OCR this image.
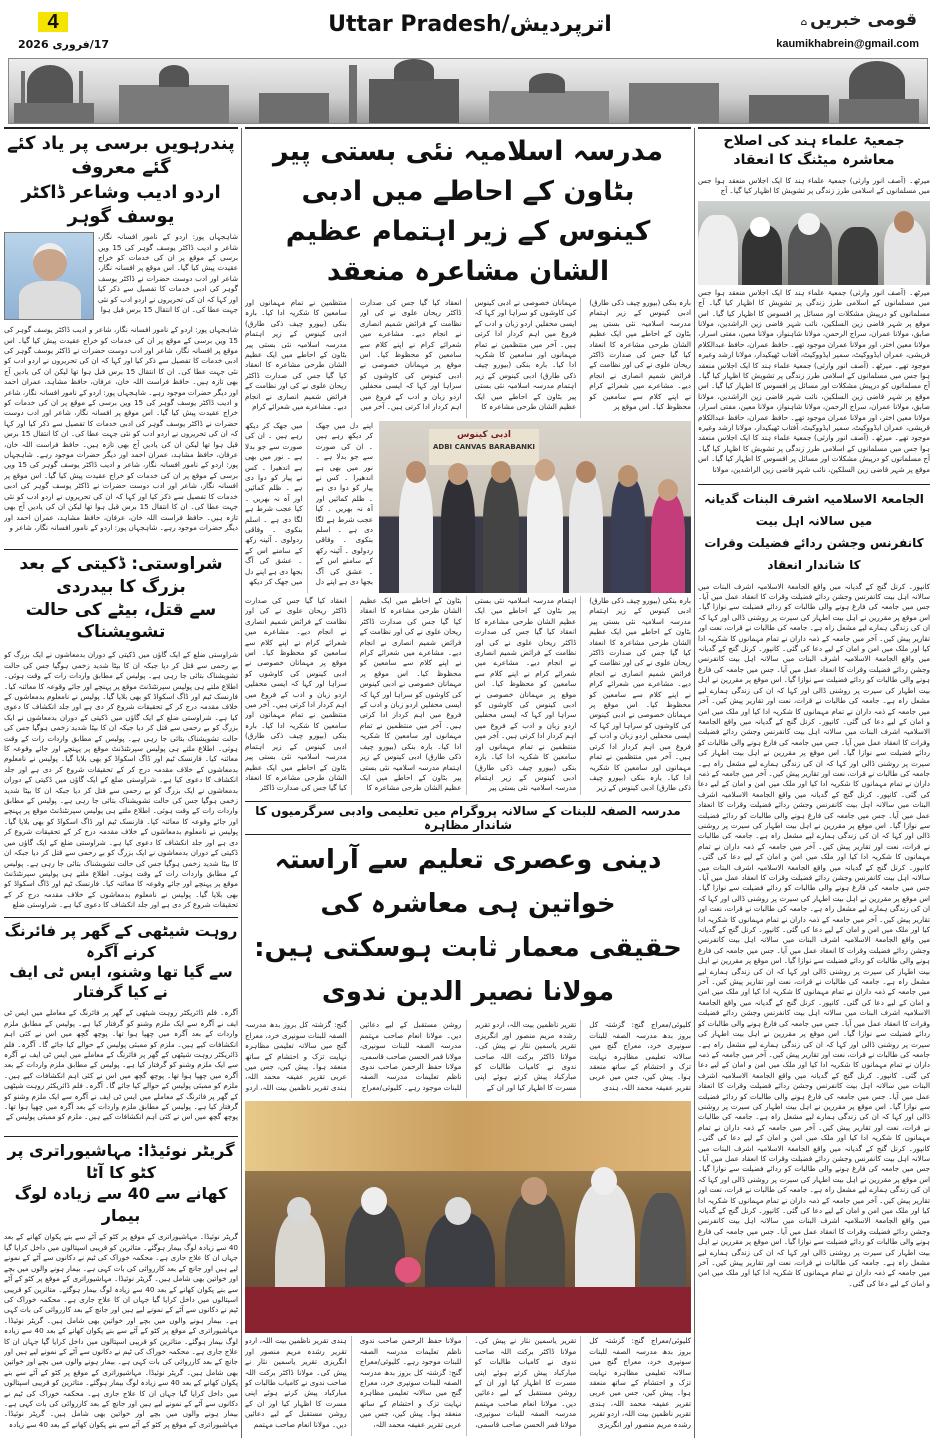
4
17/فروری 2026
Uttar Pradesh/اترپردیش	قومی خبریں⌂
kaumikhabrein@gmail.com
پندرہویں برسی پر یاد کئے گئے معروف
اردو ادیب وشاعر ڈاکٹر یوسف گوہر
شاہجہاں پور: اردو کے نامور افسانہ نگار، شاعر و ادیب ڈاکٹر یوسف گوہر کی 15 ویں برسی کے موقع پر ان کی خدمات کو خراج عقیدت پیش کیا گیا۔ اس موقع پر افسانہ نگار، شاعر اور ادب دوست حضرات نے ڈاکٹر یوسف گوہر کی ادبی خدمات کا تفصیل سے ذکر کیا اور کہا کہ ان کی تحریروں نے اردو ادب کو نئی جہت عطا کی۔ ان کا انتقال 15 برس قبل ہوا
شاہجہاں پور: اردو کے نامور افسانہ نگار، شاعر و ادیب ڈاکٹر یوسف گوہر کی 15 ویں برسی کے موقع پر ان کی خدمات کو خراج عقیدت پیش کیا گیا۔ اس موقع پر افسانہ نگار، شاعر اور ادب دوست حضرات نے ڈاکٹر یوسف گوہر کی ادبی خدمات کا تفصیل سے ذکر کیا اور کہا کہ ان کی تحریروں نے اردو ادب کو نئی جہت عطا کی۔ ان کا انتقال 15 برس قبل ہوا تھا لیکن ان کی یادیں آج بھی تازہ ہیں۔ حافظ فراست اللہ خان، عرفان، حافظ مشاہد، عمران احمد اور دیگر حضرات موجود رہے۔ شاہجہاں پور: اردو کے نامور افسانہ نگار، شاعر و ادیب ڈاکٹر یوسف گوہر کی 15 ویں برسی کے موقع پر ان کی خدمات کو خراج عقیدت پیش کیا گیا۔ اس موقع پر افسانہ نگار، شاعر اور ادب دوست حضرات نے ڈاکٹر یوسف گوہر کی ادبی خدمات کا تفصیل سے ذکر کیا اور کہا کہ ان کی تحریروں نے اردو ادب کو نئی جہت عطا کی۔ ان کا انتقال 15 برس قبل ہوا تھا لیکن ان کی یادیں آج بھی تازہ ہیں۔ حافظ فراست اللہ خان، عرفان، حافظ مشاہد، عمران احمد اور دیگر حضرات موجود رہے۔ شاہجہاں پور: اردو کے نامور افسانہ نگار، شاعر و ادیب ڈاکٹر یوسف گوہر کی 15 ویں برسی کے موقع پر ان کی خدمات کو خراج عقیدت پیش کیا گیا۔ اس موقع پر افسانہ نگار، شاعر اور ادب دوست حضرات نے ڈاکٹر یوسف گوہر کی ادبی خدمات کا تفصیل سے ذکر کیا اور کہا کہ ان کی تحریروں نے اردو ادب کو نئی جہت عطا کی۔ ان کا انتقال 15 برس قبل ہوا تھا لیکن ان کی یادیں آج بھی تازہ ہیں۔ حافظ فراست اللہ خان، عرفان، حافظ مشاہد، عمران احمد اور دیگر حضرات موجود رہے۔ شاہجہاں پور: اردو کے نامور افسانہ نگار، شاعر و
شراوستی: ڈکیتی کے بعد بزرگ کا بیدردی
سے قتل، بیٹے کی حالت تشویشناک
شراوستی ضلع کے ایک گاؤں میں ڈکیتی کے دوران بدمعاشوں نے ایک بزرگ کو بے رحمی سے قتل کر دیا جبکہ ان کا بیٹا شدید زخمی ہوگیا جس کی حالت تشویشناک بتائی جا رہی ہے۔ پولیس کے مطابق واردات رات کے وقت ہوئی۔ اطلاع ملتے ہی پولیس سپرنٹنڈنٹ موقع پر پہنچے اور جائے وقوعہ کا معائنہ کیا۔ فارنسک ٹیم اور ڈاگ اسکواڈ کو بھی بلایا گیا۔ پولیس نے نامعلوم بدمعاشوں کے خلاف مقدمہ درج کر کے تحقیقات شروع کر دی ہے اور جلد انکشاف کا دعوی کیا ہے۔ شراوستی ضلع کے ایک گاؤں میں ڈکیتی کے دوران بدمعاشوں نے ایک بزرگ کو بے رحمی سے قتل کر دیا جبکہ ان کا بیٹا شدید زخمی ہوگیا جس کی حالت تشویشناک بتائی جا رہی ہے۔ پولیس کے مطابق واردات رات کے وقت ہوئی۔ اطلاع ملتے ہی پولیس سپرنٹنڈنٹ موقع پر پہنچے اور جائے وقوعہ کا معائنہ کیا۔ فارنسک ٹیم اور ڈاگ اسکواڈ کو بھی بلایا گیا۔ پولیس نے نامعلوم بدمعاشوں کے خلاف مقدمہ درج کر کے تحقیقات شروع کر دی ہے اور جلد انکشاف کا دعوی کیا ہے۔ شراوستی ضلع کے ایک گاؤں میں ڈکیتی کے دوران بدمعاشوں نے ایک بزرگ کو بے رحمی سے قتل کر دیا جبکہ ان کا بیٹا شدید زخمی ہوگیا جس کی حالت تشویشناک بتائی جا رہی ہے۔ پولیس کے مطابق واردات رات کے وقت ہوئی۔ اطلاع ملتے ہی پولیس سپرنٹنڈنٹ موقع پر پہنچے اور جائے وقوعہ کا معائنہ کیا۔ فارنسک ٹیم اور ڈاگ اسکواڈ کو بھی بلایا گیا۔ پولیس نے نامعلوم بدمعاشوں کے خلاف مقدمہ درج کر کے تحقیقات شروع کر دی ہے اور جلد انکشاف کا دعوی کیا ہے۔ شراوستی ضلع کے ایک گاؤں میں ڈکیتی کے دوران بدمعاشوں نے ایک بزرگ کو بے رحمی سے قتل کر دیا جبکہ ان کا بیٹا شدید زخمی ہوگیا جس کی حالت تشویشناک بتائی جا رہی ہے۔ پولیس کے مطابق واردات رات کے وقت ہوئی۔ اطلاع ملتے ہی پولیس سپرنٹنڈنٹ موقع پر پہنچے اور جائے وقوعہ کا معائنہ کیا۔ فارنسک ٹیم اور ڈاگ اسکواڈ کو بھی بلایا گیا۔ پولیس نے نامعلوم بدمعاشوں کے خلاف مقدمہ درج کر کے تحقیقات شروع کر دی ہے اور جلد انکشاف کا دعوی کیا ہے۔ شراوستی ضلع
روہت شیٹھی کے گھر پر فائرنگ کرنے آگرہ
سے گیا تھا وشنو، ایس ٹی ایف نے کیا گرفتار
آگرہ۔ فلم ڈائریکٹر روہت شیٹھی کے گھر پر فائرنگ کے معاملے میں ایس ٹی ایف نے آگرہ سے ایک ملزم وشنو کو گرفتار کیا ہے۔ پولیس کے مطابق ملزم واردات کے بعد آگرہ میں چھپا ہوا تھا۔ پوچھ گچھ میں اس نے کئی اہم انکشافات کیے ہیں۔ ملزم کو ممبئی پولیس کے حوالے کیا جائے گا۔ آگرہ۔ فلم ڈائریکٹر روہت شیٹھی کے گھر پر فائرنگ کے معاملے میں ایس ٹی ایف نے آگرہ سے ایک ملزم وشنو کو گرفتار کیا ہے۔ پولیس کے مطابق ملزم واردات کے بعد آگرہ میں چھپا ہوا تھا۔ پوچھ گچھ میں اس نے کئی اہم انکشافات کیے ہیں۔ ملزم کو ممبئی پولیس کے حوالے کیا جائے گا۔ آگرہ۔ فلم ڈائریکٹر روہت شیٹھی کے گھر پر فائرنگ کے معاملے میں ایس ٹی ایف نے آگرہ سے ایک ملزم وشنو کو گرفتار کیا ہے۔ پولیس کے مطابق ملزم واردات کے بعد آگرہ میں چھپا ہوا تھا۔ پوچھ گچھ میں اس نے کئی اہم انکشافات کیے ہیں۔ ملزم کو ممبئی پولیس کے
گریٹر نوئیڈا: مہاشیوراتری پر کٹو کا آٹا
کھانے سے 40 سے زیادہ لوگ بیمار
گریٹر نوئیڈا۔ مہاشیوراتری کے موقع پر کٹو کے آٹے سے بنے پکوان کھانے کے بعد 40 سے زیادہ لوگ بیمار ہوگئے۔ متاثرین کو قریبی اسپتالوں میں داخل کرایا گیا جہاں ان کا علاج جاری ہے۔ محکمہ خوراک کی ٹیم نے دکانوں سے آٹے کے نمونے لیے ہیں اور جانچ کے بعد کارروائی کی بات کہی ہے۔ بیمار ہونے والوں میں بچے اور خواتین بھی شامل ہیں۔ گریٹر نوئیڈا۔ مہاشیوراتری کے موقع پر کٹو کے آٹے سے بنے پکوان کھانے کے بعد 40 سے زیادہ لوگ بیمار ہوگئے۔ متاثرین کو قریبی اسپتالوں میں داخل کرایا گیا جہاں ان کا علاج جاری ہے۔ محکمہ خوراک کی ٹیم نے دکانوں سے آٹے کے نمونے لیے ہیں اور جانچ کے بعد کارروائی کی بات کہی ہے۔ بیمار ہونے والوں میں بچے اور خواتین بھی شامل ہیں۔ گریٹر نوئیڈا۔ مہاشیوراتری کے موقع پر کٹو کے آٹے سے بنے پکوان کھانے کے بعد 40 سے زیادہ لوگ بیمار ہوگئے۔ متاثرین کو قریبی اسپتالوں میں داخل کرایا گیا جہاں ان کا علاج جاری ہے۔ محکمہ خوراک کی ٹیم نے دکانوں سے آٹے کے نمونے لیے ہیں اور جانچ کے بعد کارروائی کی بات کہی ہے۔ بیمار ہونے والوں میں بچے اور خواتین بھی شامل ہیں۔ گریٹر نوئیڈا۔ مہاشیوراتری کے موقع پر کٹو کے آٹے سے بنے پکوان کھانے کے بعد 40 سے زیادہ لوگ بیمار ہوگئے۔ متاثرین کو قریبی اسپتالوں میں داخل کرایا گیا جہاں ان کا علاج جاری ہے۔ محکمہ خوراک کی ٹیم نے دکانوں سے آٹے کے نمونے لیے ہیں اور جانچ کے بعد کارروائی کی بات کہی ہے۔ بیمار ہونے والوں میں بچے اور خواتین بھی شامل ہیں۔ گریٹر نوئیڈا۔ مہاشیوراتری کے موقع پر کٹو کے آٹے سے بنے پکوان کھانے کے بعد 40 سے زیادہ
مدرسہ اسلامیہ نئی بستی پیر بٹاون کے احاطے میں ادبی
کینوس کے زیر اہتمام عظیم الشان مشاعرہ منعقد
بارہ بنکی (بیورو چیف ذکی طارق) ادبی کینوس کے زیر اہتمام مدرسہ اسلامیہ نئی بستی پیر بٹاون کے احاطے میں ایک عظیم الشان طرحی مشاعرہ کا انعقاد کیا گیا جس کی صدارت ڈاکٹر ریحان علوی نے کی اور نظامت کے فرائض شمیم انصاری نے انجام دیے۔ مشاعرے میں شعرائے کرام نے اپنے کلام سے سامعین کو محظوظ کیا۔ اس موقع پر
مہمانان خصوصی نے ادبی کینوس کی کاوشوں کو سراہا اور کہا کہ ایسی محفلیں اردو زبان و ادب کے فروغ میں اہم کردار ادا کرتی ہیں۔ آخر میں منتظمین نے تمام مہمانوں اور سامعین کا شکریہ ادا کیا۔ بارہ بنکی (بیورو چیف ذکی طارق) ادبی کینوس کے زیر اہتمام مدرسہ اسلامیہ نئی بستی پیر بٹاون کے احاطے میں ایک عظیم الشان طرحی مشاعرہ کا
انعقاد کیا گیا جس کی صدارت ڈاکٹر ریحان علوی نے کی اور نظامت کے فرائض شمیم انصاری نے انجام دیے۔ مشاعرے میں شعرائے کرام نے اپنے کلام سے سامعین کو محظوظ کیا۔ اس موقع پر مہمانان خصوصی نے ادبی کینوس کی کاوشوں کو سراہا اور کہا کہ ایسی محفلیں اردو زبان و ادب کے فروغ میں اہم کردار ادا کرتی ہیں۔ آخر میں
منتظمین نے تمام مہمانوں اور سامعین کا شکریہ ادا کیا۔ بارہ بنکی (بیورو چیف ذکی طارق) ادبی کینوس کے زیر اہتمام مدرسہ اسلامیہ نئی بستی پیر بٹاون کے احاطے میں ایک عظیم الشان طرحی مشاعرہ کا انعقاد کیا گیا جس کی صدارت ڈاکٹر ریحان علوی نے کی اور نظامت کے فرائض شمیم انصاری نے انجام دیے۔ مشاعرے میں شعرائے کرام
ادبی کینوس
ADBI CANVAS BARABANKI
اپنے دل میں جھک کر دیکھ رہے ہیں ۔ ان کی صورت سے جو بدلا ہے ۔ نور میں بھی ہے اندھیرا ۔ کس نے پیار کو دوا دی ہے ۔ ظلم کمائیں اور آہ نہ بھریں ۔ کیا عجب شرط ہے لگا دی ہے ۔ اسلم بنکوی ۔ وفاقی ردولوی ۔ آئینہ رکھ کے سامنے اس کے ۔ عشق کی آگ بجھا دی ہے اپنے دل
میں جھک کر دیکھ رہے ہیں ۔ ان کی صورت سے جو بدلا ہے ۔ نور میں بھی ہے اندھیرا ۔ کس نے پیار کو دوا دی ہے ۔ ظلم کمائیں اور آہ نہ بھریں ۔ کیا عجب شرط ہے لگا دی ہے ۔ اسلم بنکوی ۔ وفاقی ردولوی ۔ آئینہ رکھ کے سامنے اس کے ۔ عشق کی آگ بجھا دی ہے اپنے دل میں جھک کر دیکھ
بارہ بنکی (بیورو چیف ذکی طارق) ادبی کینوس کے زیر اہتمام مدرسہ اسلامیہ نئی بستی پیر بٹاون کے احاطے میں ایک عظیم الشان طرحی مشاعرہ کا انعقاد کیا گیا جس کی صدارت ڈاکٹر ریحان علوی نے کی اور نظامت کے فرائض شمیم انصاری نے انجام دیے۔ مشاعرے میں شعرائے کرام نے اپنے کلام سے سامعین کو محظوظ کیا۔ اس موقع پر مہمانان خصوصی نے ادبی کینوس کی کاوشوں کو سراہا اور کہا کہ ایسی محفلیں اردو زبان و ادب کے فروغ میں اہم کردار ادا کرتی ہیں۔ آخر میں منتظمین نے تمام مہمانوں اور سامعین کا شکریہ ادا کیا۔ بارہ بنکی (بیورو چیف ذکی طارق) ادبی کینوس کے زیر
اہتمام مدرسہ اسلامیہ نئی بستی پیر بٹاون کے احاطے میں ایک عظیم الشان طرحی مشاعرہ کا انعقاد کیا گیا جس کی صدارت ڈاکٹر ریحان علوی نے کی اور نظامت کے فرائض شمیم انصاری نے انجام دیے۔ مشاعرے میں شعرائے کرام نے اپنے کلام سے سامعین کو محظوظ کیا۔ اس موقع پر مہمانان خصوصی نے ادبی کینوس کی کاوشوں کو سراہا اور کہا کہ ایسی محفلیں اردو زبان و ادب کے فروغ میں اہم کردار ادا کرتی ہیں۔ آخر میں منتظمین نے تمام مہمانوں اور سامعین کا شکریہ ادا کیا۔ بارہ بنکی (بیورو چیف ذکی طارق) ادبی کینوس کے زیر اہتمام مدرسہ اسلامیہ نئی بستی پیر
بٹاون کے احاطے میں ایک عظیم الشان طرحی مشاعرہ کا انعقاد کیا گیا جس کی صدارت ڈاکٹر ریحان علوی نے کی اور نظامت کے فرائض شمیم انصاری نے انجام دیے۔ مشاعرے میں شعرائے کرام نے اپنے کلام سے سامعین کو محظوظ کیا۔ اس موقع پر مہمانان خصوصی نے ادبی کینوس کی کاوشوں کو سراہا اور کہا کہ ایسی محفلیں اردو زبان و ادب کے فروغ میں اہم کردار ادا کرتی ہیں۔ آخر میں منتظمین نے تمام مہمانوں اور سامعین کا شکریہ ادا کیا۔ بارہ بنکی (بیورو چیف ذکی طارق) ادبی کینوس کے زیر اہتمام مدرسہ اسلامیہ نئی بستی پیر بٹاون کے احاطے میں ایک عظیم الشان طرحی مشاعرہ کا
انعقاد کیا گیا جس کی صدارت ڈاکٹر ریحان علوی نے کی اور نظامت کے فرائض شمیم انصاری نے انجام دیے۔ مشاعرے میں شعرائے کرام نے اپنے کلام سے سامعین کو محظوظ کیا۔ اس موقع پر مہمانان خصوصی نے ادبی کینوس کی کاوشوں کو سراہا اور کہا کہ ایسی محفلیں اردو زبان و ادب کے فروغ میں اہم کردار ادا کرتی ہیں۔ آخر میں منتظمین نے تمام مہمانوں اور سامعین کا شکریہ ادا کیا۔ بارہ بنکی (بیورو چیف ذکی طارق) ادبی کینوس کے زیر اہتمام مدرسہ اسلامیہ نئی بستی پیر بٹاون کے احاطے میں ایک عظیم الشان طرحی مشاعرہ کا انعقاد کیا گیا جس کی صدارت ڈاکٹر
مدرسہ الصفہ للبنات کے سالانہ پروگرام میں تعلیمی وادبی سرگرمیوں کا شاندار مظاہرہ
دینی وعصری تعلیم سے آراستہ خواتین ہی معاشرہ کی
حقیقی معمار ثابت ہوسکتی ہیں: مولانا نصیر الدین ندوی
کلیوئی/معراج گنج: گزشتہ کل بروز بدھ مدرسہ الصفہ للبنات سونپری خرد، معراج گنج میں سالانہ تعلیمی مظاہرہ نہایت تزک و احتشام کے ساتھ منعقد ہوا۔ پیش کیں، جس میں عربی تقریر عفیفہ محمد اللہ، ہندی
تقریر ناظمین بیت اللہ، اردو تقریر رشدہ مریم منصور اور انگریزی تقریر یاسمین نثار نے پیش کی۔ مولانا ڈاکٹر برکت اللہ صاحب ندوی نے کامیاب طالبات کو مبارکباد پیش کرتے ہوئے اپنی مسرت کا اظہار کیا اور ان کے
روشن مستقبل کے لیے دعائیں دیں۔ مولانا انعام صاحب مہتمم مدرسہ الصفہ للبنات سونپری، مولانا قمر الحسن صاحب قاسمی، مولانا حفظ الرحمن صاحب ندوی ناظم تعلیمات مدرسہ الصفہ للبنات موجود رہے۔ کلیوئی/معراج
گنج: گزشتہ کل بروز بدھ مدرسہ الصفہ للبنات سونپری خرد، معراج گنج میں سالانہ تعلیمی مظاہرہ نہایت تزک و احتشام کے ساتھ منعقد ہوا۔ پیش کیں، جس میں عربی تقریر عفیفہ محمد اللہ، ہندی تقریر ناظمین بیت اللہ، اردو
کلیوئی/معراج گنج: گزشتہ کل بروز بدھ مدرسہ الصفہ للبنات سونپری خرد، معراج گنج میں سالانہ تعلیمی مظاہرہ نہایت تزک و احتشام کے ساتھ منعقد ہوا۔ پیش کیں، جس میں عربی تقریر عفیفہ محمد اللہ، ہندی تقریر ناظمین بیت اللہ، اردو تقریر رشدہ مریم منصور اور انگریزی
تقریر یاسمین نثار نے پیش کی۔ مولانا ڈاکٹر برکت اللہ صاحب ندوی نے کامیاب طالبات کو مبارکباد پیش کرتے ہوئے اپنی مسرت کا اظہار کیا اور ان کے روشن مستقبل کے لیے دعائیں دیں۔ مولانا انعام صاحب مہتمم مدرسہ الصفہ للبنات سونپری، مولانا قمر الحسن صاحب قاسمی،
مولانا حفظ الرحمن صاحب ندوی ناظم تعلیمات مدرسہ الصفہ للبنات موجود رہے۔ کلیوئی/معراج گنج: گزشتہ کل بروز بدھ مدرسہ الصفہ للبنات سونپری خرد، معراج گنج میں سالانہ تعلیمی مظاہرہ نہایت تزک و احتشام کے ساتھ منعقد ہوا۔ پیش کیں، جس میں عربی تقریر عفیفہ محمد اللہ،
ہندی تقریر ناظمین بیت اللہ، اردو تقریر رشدہ مریم منصور اور انگریزی تقریر یاسمین نثار نے پیش کی۔ مولانا ڈاکٹر برکت اللہ صاحب ندوی نے کامیاب طالبات کو مبارکباد پیش کرتے ہوئے اپنی مسرت کا اظہار کیا اور ان کے روشن مستقبل کے لیے دعائیں دیں۔ مولانا انعام صاحب مہتمم
جمعیۃ علماء ہند کی اصلاح معاشرہ میٹنگ کا انعقاد
میرٹھ۔ (آصف انور وارثی) جمعیۃ علماء ہند کا ایک اجلاس منعقد ہوا جس میں مسلمانوں کے اسلامی طرز زندگی پر تشویش کا اظہار کیا گیا۔ آج
میرٹھ۔ (آصف انور وارثی) جمعیۃ علماء ہند کا ایک اجلاس منعقد ہوا جس میں مسلمانوں کے اسلامی طرز زندگی پر تشویش کا اظہار کیا گیا۔ آج مسلمانوں کو درپیش مشکلات اور مسائل پر افسوس کا اظہار کیا گیا۔ اس موقع پر شہر قاضی زین السلکین، نائب شہر قاضی زین الراشدین، مولانا صابق، مولانا عمران، سراج الرحمن، مولانا شاہنواز، مولانا معین، مفتی اسرار، مولانا معین اختر، اور مولانا عمران موجود تھے۔ حافظ عمران، حافظ عبدالکلام قریشی، عمران ایڈووکیٹ، سمیر ایڈووکیٹ، آفتاب ٹھیکیدار، مولانا ارشد وغیرہ موجود تھے۔ میرٹھ۔ (آصف انور وارثی) جمعیۃ علماء ہند کا ایک اجلاس منعقد ہوا جس میں مسلمانوں کے اسلامی طرز زندگی پر تشویش کا اظہار کیا گیا۔ آج مسلمانوں کو درپیش مشکلات اور مسائل پر افسوس کا اظہار کیا گیا۔ اس موقع پر شہر قاضی زین السلکین، نائب شہر قاضی زین الراشدین، مولانا صابق، مولانا عمران، سراج الرحمن، مولانا شاہنواز، مولانا معین، مفتی اسرار، مولانا معین اختر، اور مولانا عمران موجود تھے۔ حافظ عمران، حافظ عبدالکلام قریشی، عمران ایڈووکیٹ، سمیر ایڈووکیٹ، آفتاب ٹھیکیدار، مولانا ارشد وغیرہ موجود تھے۔ میرٹھ۔ (آصف انور وارثی) جمعیۃ علماء ہند کا ایک اجلاس منعقد ہوا جس میں مسلمانوں کے اسلامی طرز زندگی پر تشویش کا اظہار کیا گیا۔ آج مسلمانوں کو درپیش مشکلات اور مسائل پر افسوس کا اظہار کیا گیا۔ اس موقع پر شہر قاضی زین السلکین، نائب شہر قاضی زین الراشدین، مولانا
الجامعۃ الاسلامیہ اشرف البنات گدیانہ میں سالانہ اہل بیت
کانفرنس وجشن ردائے فضیلت وقرات کا شاندار انعقاد
کانپور۔ کرنل گنج کے گدیانہ میں واقع الجامعۃ الاسلامیہ اشرف البنات میں سالانہ اہل بیت کانفرنس وجشن ردائے فضیلت وقرات کا انعقاد عمل میں آیا۔ جس میں جامعہ کی فارغ ہونے والی طالبات کو ردائے فضیلت سے نوازا گیا۔ اس موقع پر مقررین نے اہل بیت اطہار کی سیرت پر روشنی ڈالی اور کہا کہ ان کی زندگی ہمارے لیے مشعل راہ ہے۔ جامعہ کی طالبات نے قرات، نعت اور تقاریر پیش کیں۔ آخر میں جامعہ کے ذمہ داران نے تمام مہمانوں کا شکریہ ادا کیا اور ملک میں امن و امان کے لیے دعا کی گئی۔ کانپور۔ کرنل گنج کے گدیانہ میں واقع الجامعۃ الاسلامیہ اشرف البنات میں سالانہ اہل بیت کانفرنس وجشن ردائے فضیلت وقرات کا انعقاد عمل میں آیا۔ جس میں جامعہ کی فارغ ہونے والی طالبات کو ردائے فضیلت سے نوازا گیا۔ اس موقع پر مقررین نے اہل بیت اطہار کی سیرت پر روشنی ڈالی اور کہا کہ ان کی زندگی ہمارے لیے مشعل راہ ہے۔ جامعہ کی طالبات نے قرات، نعت اور تقاریر پیش کیں۔ آخر میں جامعہ کے ذمہ داران نے تمام مہمانوں کا شکریہ ادا کیا اور ملک میں امن و امان کے لیے دعا کی گئی۔ کانپور۔ کرنل گنج کے گدیانہ میں واقع الجامعۃ الاسلامیہ اشرف البنات میں سالانہ اہل بیت کانفرنس وجشن ردائے فضیلت وقرات کا انعقاد عمل میں آیا۔ جس میں جامعہ کی فارغ ہونے والی طالبات کو ردائے فضیلت سے نوازا گیا۔ اس موقع پر مقررین نے اہل بیت اطہار کی سیرت پر روشنی ڈالی اور کہا کہ ان کی زندگی ہمارے لیے مشعل راہ ہے۔ جامعہ کی طالبات نے قرات، نعت اور تقاریر پیش کیں۔ آخر میں جامعہ کے ذمہ داران نے تمام مہمانوں کا شکریہ ادا کیا اور ملک میں امن و امان کے لیے دعا کی گئی۔ کانپور۔ کرنل گنج کے گدیانہ میں واقع الجامعۃ الاسلامیہ اشرف البنات میں سالانہ اہل بیت کانفرنس وجشن ردائے فضیلت وقرات کا انعقاد عمل میں آیا۔ جس میں جامعہ کی فارغ ہونے والی طالبات کو ردائے فضیلت سے نوازا گیا۔ اس موقع پر مقررین نے اہل بیت اطہار کی سیرت پر روشنی ڈالی اور کہا کہ ان کی زندگی ہمارے لیے مشعل راہ ہے۔ جامعہ کی طالبات نے قرات، نعت اور تقاریر پیش کیں۔ آخر میں جامعہ کے ذمہ داران نے تمام مہمانوں کا شکریہ ادا کیا اور ملک میں امن و امان کے لیے دعا کی گئی۔ کانپور۔ کرنل گنج کے گدیانہ میں واقع الجامعۃ الاسلامیہ اشرف البنات میں سالانہ اہل بیت کانفرنس وجشن ردائے فضیلت وقرات کا انعقاد عمل میں آیا۔ جس میں جامعہ کی فارغ ہونے والی طالبات کو ردائے فضیلت سے نوازا گیا۔ اس موقع پر مقررین نے اہل بیت اطہار کی سیرت پر روشنی ڈالی اور کہا کہ ان کی زندگی ہمارے لیے مشعل راہ ہے۔ جامعہ کی طالبات نے قرات، نعت اور تقاریر پیش کیں۔ آخر میں جامعہ کے ذمہ داران نے تمام مہمانوں کا شکریہ ادا کیا اور ملک میں امن و امان کے لیے دعا کی گئی۔ کانپور۔ کرنل گنج کے گدیانہ میں واقع الجامعۃ الاسلامیہ اشرف البنات میں سالانہ اہل بیت کانفرنس وجشن ردائے فضیلت وقرات کا انعقاد عمل میں آیا۔ جس میں جامعہ کی فارغ ہونے والی طالبات کو ردائے فضیلت سے نوازا گیا۔ اس موقع پر مقررین نے اہل بیت اطہار کی سیرت پر روشنی ڈالی اور کہا کہ ان کی زندگی ہمارے لیے مشعل راہ ہے۔ جامعہ کی طالبات نے قرات، نعت اور تقاریر پیش کیں۔ آخر میں جامعہ کے ذمہ داران نے تمام مہمانوں کا شکریہ ادا کیا اور ملک میں امن و امان کے لیے دعا کی گئی۔ کانپور۔ کرنل گنج کے گدیانہ میں واقع الجامعۃ الاسلامیہ اشرف البنات میں سالانہ اہل بیت کانفرنس وجشن ردائے فضیلت وقرات کا انعقاد عمل میں آیا۔ جس میں جامعہ کی فارغ ہونے والی طالبات کو ردائے فضیلت سے نوازا گیا۔ اس موقع پر مقررین نے اہل بیت اطہار کی سیرت پر روشنی ڈالی اور کہا کہ ان کی زندگی ہمارے لیے مشعل راہ ہے۔ جامعہ کی طالبات نے قرات، نعت اور تقاریر پیش کیں۔ آخر میں جامعہ کے ذمہ داران نے تمام مہمانوں کا شکریہ ادا کیا اور ملک میں امن و امان کے لیے دعا کی گئی۔ کانپور۔ کرنل گنج کے گدیانہ میں واقع الجامعۃ الاسلامیہ اشرف البنات میں سالانہ اہل بیت کانفرنس وجشن ردائے فضیلت وقرات کا انعقاد عمل میں آیا۔ جس میں جامعہ کی فارغ ہونے والی طالبات کو ردائے فضیلت سے نوازا گیا۔ اس موقع پر مقررین نے اہل بیت اطہار کی سیرت پر روشنی ڈالی اور کہا کہ ان کی زندگی ہمارے لیے مشعل راہ ہے۔ جامعہ کی طالبات نے قرات، نعت اور تقاریر پیش کیں۔ آخر میں جامعہ کے ذمہ داران نے تمام مہمانوں کا شکریہ ادا کیا اور ملک میں امن و امان کے لیے دعا کی گئی۔ کانپور۔ کرنل گنج کے گدیانہ میں واقع الجامعۃ الاسلامیہ اشرف البنات میں سالانہ اہل بیت کانفرنس وجشن ردائے فضیلت وقرات کا انعقاد عمل میں آیا۔ جس میں جامعہ کی فارغ ہونے والی طالبات کو ردائے فضیلت سے نوازا گیا۔ اس موقع پر مقررین نے اہل بیت اطہار کی سیرت پر روشنی ڈالی اور کہا کہ ان کی زندگی ہمارے لیے مشعل راہ ہے۔ جامعہ کی طالبات نے قرات، نعت اور تقاریر پیش کیں۔ آخر میں جامعہ کے ذمہ داران نے تمام مہمانوں کا شکریہ ادا کیا اور ملک میں امن و امان کے لیے دعا کی گئی۔ کانپور۔ کرنل گنج کے گدیانہ میں واقع الجامعۃ الاسلامیہ اشرف البنات میں سالانہ اہل بیت کانفرنس وجشن ردائے فضیلت وقرات کا انعقاد عمل میں آیا۔ جس میں جامعہ کی فارغ ہونے والی طالبات کو ردائے فضیلت سے نوازا گیا۔ اس موقع پر مقررین نے اہل بیت اطہار کی سیرت پر روشنی ڈالی اور کہا کہ ان کی زندگی ہمارے لیے مشعل راہ ہے۔ جامعہ کی طالبات نے قرات، نعت اور تقاریر پیش کیں۔ آخر میں جامعہ کے ذمہ داران نے تمام مہمانوں کا شکریہ ادا کیا اور ملک میں امن و امان کے لیے دعا کی گئی۔
